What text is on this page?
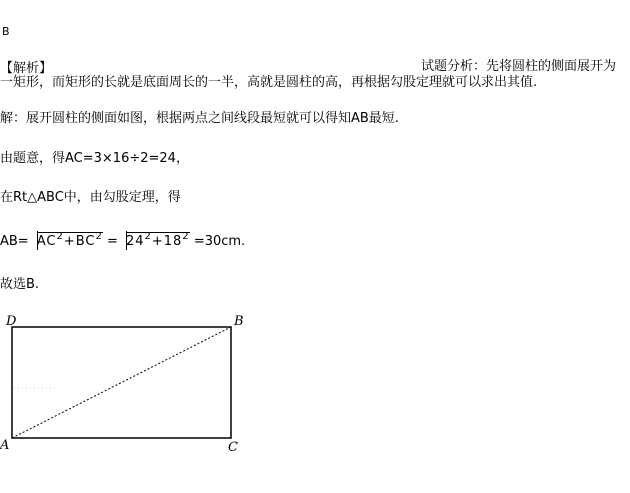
B
【解析】	试题分析：先将圆柱的侧面展开为
一矩形，而矩形的长就是底面周长的一半，高就是圆柱的高，再根据勾股定理就可以求出其值.
解：展开圆柱的侧面如图，根据两点之间线段最短就可以得知AB最短.
由题意，得AC=3×16÷2=24，
在Rt△ABC中，由勾股定理，得
$AB= AC^2+BC^2 = 24^2+18^2 =30cm$.
故选B.
D	B
A	C
